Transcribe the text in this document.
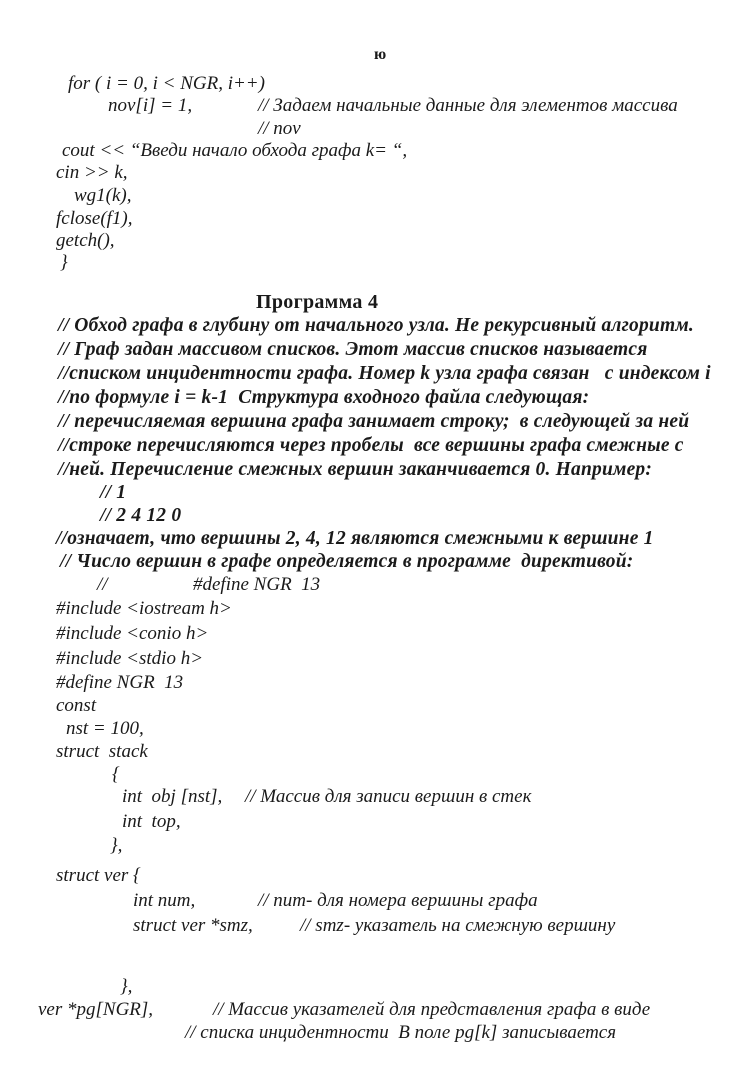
ю
Программа 4
for ( i = 0, i < NGR, i++)
nov[i] = 1,	// Задаем начальные данные для элементов массива
// nov
cout << “Введи начало обхода графа k= “,
cin >> k,
wg1(k),
fclose(f1),
getch(),
}
// Обход графа в глубину от начального узла. Не рекурсивный алгоритм.
// Граф задан массивом списков. Этот массив списков называется
//списком инцидентности графа. Номер k узла графа связан   с индексом i
//по формуле i = k-1  Структура входного файла следующая:
// перечисляемая вершина графа занимает строку;  в следующей за ней
//строке перечисляются через пробелы  все вершины графа смежные с
//ней. Перечисление смежных вершин заканчивается 0. Например:
// 1
// 2 4 12 0
//означает, что вершины 2, 4, 12 являются смежными к вершине 1
// Число вершин в графе определяется в программе  директивой:
//	#define NGR  13
#include <iostream h>
#include <conio h>
#include <stdio h>
#define NGR  13
const
nst = 100,
struct  stack
{
int  obj [nst], // Массив для записи вершин в стек
int  top,
},
struct ver {
int num,	// num- для номера вершины графа
struct ver *smz, // smz- указатель на смежную вершину
},
ver *pg[NGR],	// Массив указателей для представления графа в виде
// списка инцидентности  В поле pg[k] записывается
